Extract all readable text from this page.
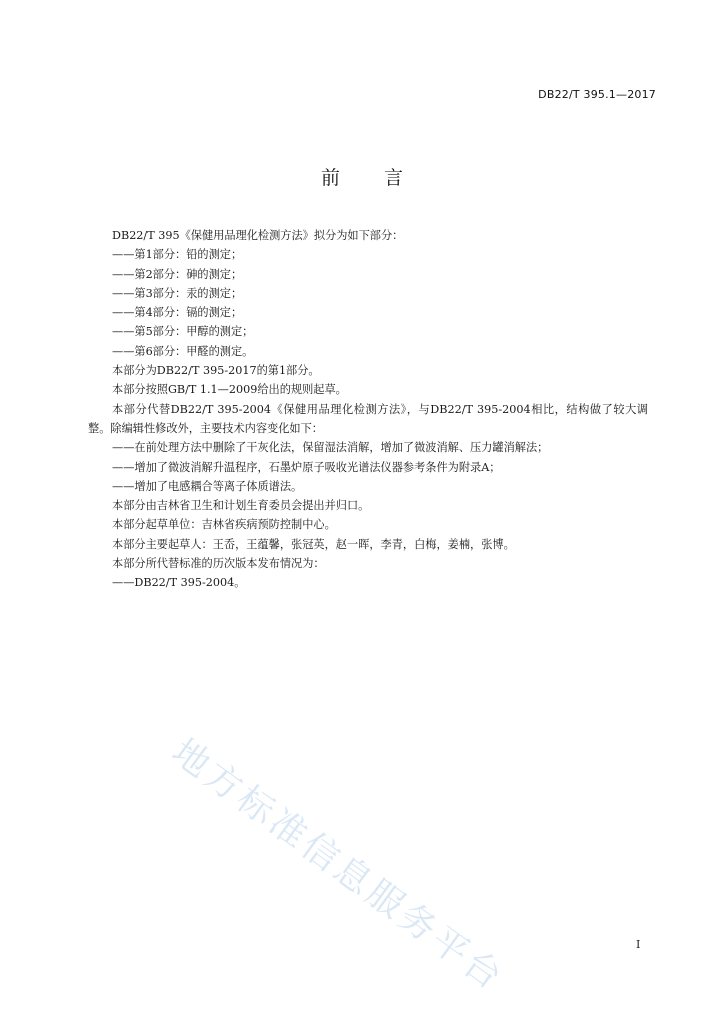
DB22/T 395.1—2017
前 言

DB22/T 395《保健用品理化检测方法》拟分为如下部分：

——第1部分：铅的测定；

——第2部分：砷的测定；

——第3部分：汞的测定；

——第4部分：镉的测定；

——第5部分：甲醇的测定；

——第6部分：甲醛的测定。

本部分为DB22/T 395-2017的第1部分。

本部分按照GB/T 1.1—2009给出的规则起草。

本部分代替DB22/T 395-2004《保健用品理化检测方法》，与DB22/T 395-2004相比，结构做了较大调整。除编辑性修改外，主要技术内容变化如下：

——在前处理方法中删除了干灰化法，保留湿法消解，增加了微波消解、压力罐消解法；

——增加了微波消解升温程序，石墨炉原子吸收光谱法仪器参考条件为附录A；

——增加了电感耦合等离子体质谱法。

本部分由吉林省卫生和计划生育委员会提出并归口。

本部分起草单位：吉林省疾病预防控制中心。

本部分主要起草人：王岙，王蕴馨，张冠英，赵一晖，李青，白梅，姜楠，张博。

本部分所代替标准的历次版本发布情况为：

——DB22/T 395-2004。

地方标准信息服务平台	I
